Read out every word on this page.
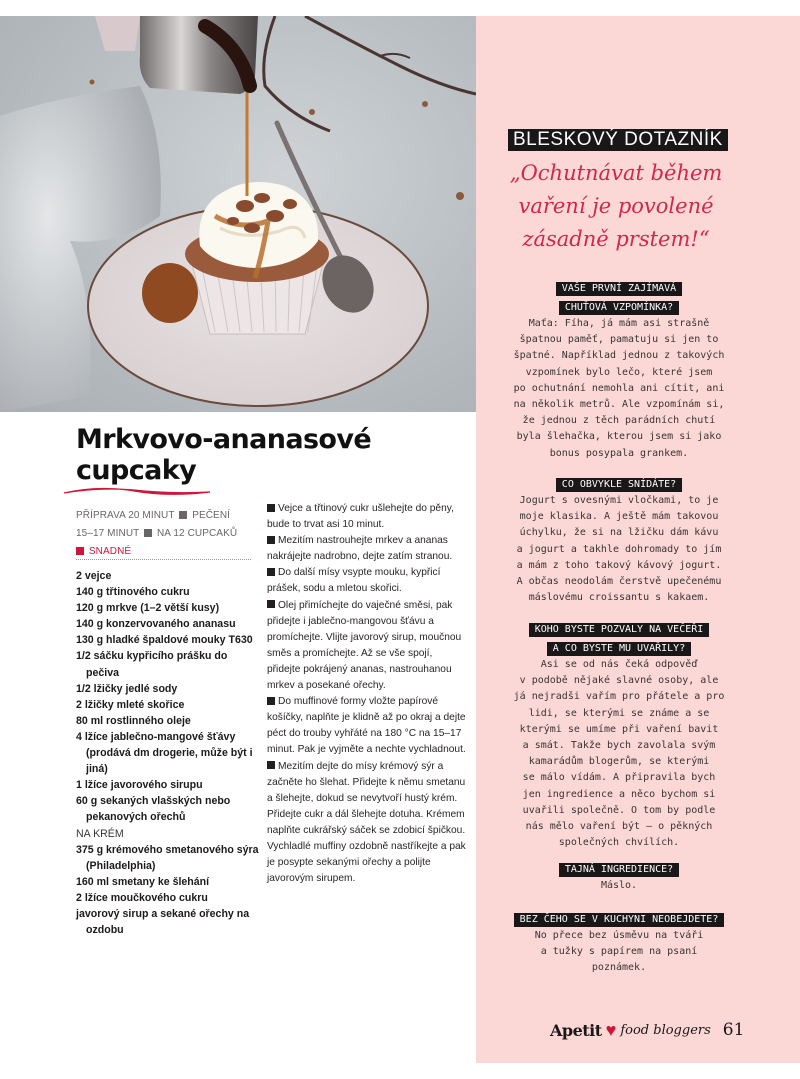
BLESKOVÝ DOTAZNÍK
„Ochutnávat během
vaření je povolené
zásadně prstem!“
VAŠE PRVNÍ ZAJÍMAVÁ
CHUŤOVÁ VZPOMÍNKA?
Maťa: Fíha, já mám asi strašně
špatnou paměť, pamatuju si jen to
špatné. Například jednou z takových
vzpomínek bylo lečo, které jsem
po ochutnání nemohla ani cítit, ani
na několik metrů. Ale vzpomínám si,
že jednou z těch parádních chutí
byla šlehačka, kterou jsem si jako
bonus posypala grankem.
CO OBVYKLE SNÍDÁTE?
Jogurt s ovesnými vločkami, to je
moje klasika. A ještě mám takovou
úchylku, že si na lžičku dám kávu
a jogurt a takhle dohromady to jím
a mám z toho takový kávový jogurt.
A občas neodolám čerstvě upečenému
máslovému croissantu s kakaem.
KOHO BYSTE POZVALY NA VEČEŘI
A CO BYSTE MU UVAŘILY?
Asi se od nás čeká odpověď
v podobě nějaké slavné osoby, ale
já nejradši vařím pro přátele a pro
lidi, se kterými se známe a se
kterými se umíme při vaření bavit
a smát. Takže bych zavolala svým
kamarádům blogerům, se kterými
se málo vídám. A připravila bych
jen ingredience a něco bychom si
uvařili společně. O tom by podle
nás mělo vaření být – o pěkných
společných chvílích.
TAJNÁ INGREDIENCE?
Máslo.
BEZ ČEHO SE V KUCHYNI NEOBEJDETE?
No přece bez úsměvu na tváři
a tužky s papírem na psaní
poznámek.
Apetit ♥ food bloggers 61
Mrkvovo-ananasové
cupcaky
PŘÍPRAVA 20 MINUT PEČENÍ
15–17 MINUT NA 12 CUPCAKŮ
SNADNÉ
2 vejce
140 g třtinového cukru
120 g mrkve (1–2 větší kusy)
140 g konzervovaného ananasu
130 g hladké špaldové mouky T630
1/2 sáčku kypřicího prášku do pečiva
1/2 lžičky jedlé sody
2 lžičky mleté skořice
80 ml rostlinného oleje
4 lžíce jablečno-mangové šťávy (prodává dm drogerie, může být i jiná)
1 lžíce javorového sirupu
60 g sekaných vlašských nebo pekanových ořechů
NA KRÉM
375 g krémového smetanového sýra (Philadelphia)
160 ml smetany ke šlehání
2 lžíce moučkového cukru
javorový sirup a sekané ořechy na ozdobu
Vejce a třtinový cukr ušlehejte do pěny, bude to trvat asi 10 minut.
Mezitím nastrouhejte mrkev a ananas nakrájejte nadrobno, dejte zatím stranou.
Do další mísy vsypte mouku, kypřicí prášek, sodu a mletou skořici.
Olej přimíchejte do vaječné směsi, pak přidejte i jablečno-mangovou šťávu a promíchejte. Vlijte javorový sirup, moučnou směs a promíchejte. Až se vše spojí, přidejte pokrájený ananas, nastrouhanou mrkev a posekané ořechy.
Do muffinové formy vložte papírové košíčky, naplňte je klidně až po okraj a dejte péct do trouby vyhřáté na 180 °C na 15–17 minut. Pak je vyjměte a nechte vychladnout.
Mezitím dejte do mísy krémový sýr a začněte ho šlehat. Přidejte k němu smetanu a šlehejte, dokud se nevytvoří hustý krém. Přidejte cukr a dál šlehejte dotuha. Krémem naplňte cukrářský sáček se zdobicí špičkou. Vychladlé muffiny ozdobně nastříkejte a pak je posypte sekanými ořechy a polijte javorovým sirupem.
